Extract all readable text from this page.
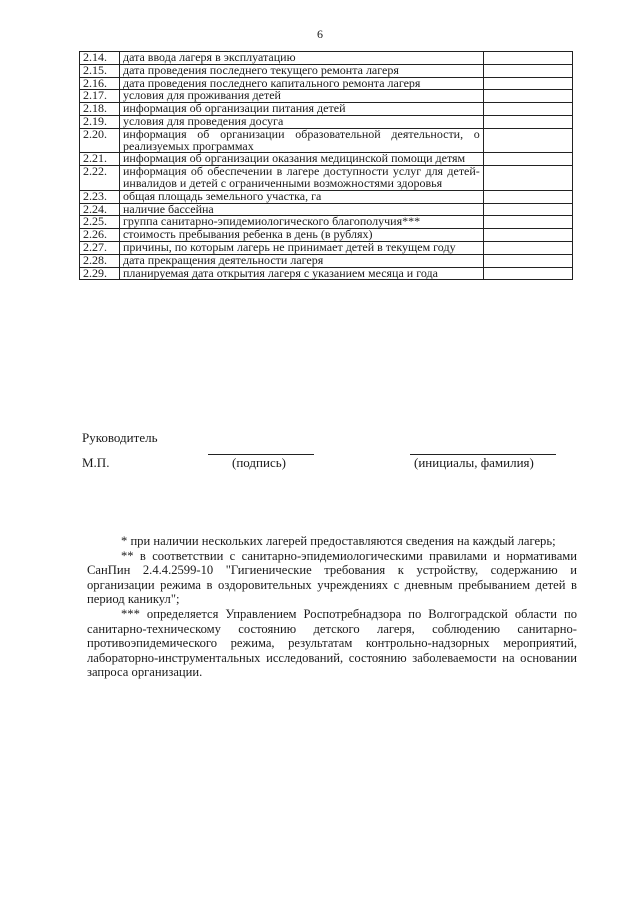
6
2.14.	дата ввода лагеря в эксплуатацию	
2.15.	дата проведения последнего текущего ремонта лагеря	
2.16.	дата проведения последнего капитального ремонта лагеря	
2.17.	условия для проживания детей	
2.18.	информация об организации питания детей	
2.19.	условия для проведения досуга	
2.20.	информация об организации образовательной деятельности, о реализуемых программах	
2.21.	информация об организации оказания медицинской помощи детям	
2.22.	информация об обеспечении в лагере доступности услуг для детей-инвалидов и детей с ограниченными возможностями здоровья	
2.23.	общая площадь земельного участка, га	
2.24.	наличие бассейна	
2.25.	группа санитарно-эпидемиологического благополучия***	
2.26.	стоимость пребывания ребенка в день (в рублях)	
2.27.	причины, по которым лагерь не принимает детей в текущем году	
2.28.	дата прекращения деятельности лагеря	
2.29.	планируемая дата открытия лагеря с указанием месяца и года	
Руководитель
М.П.	(подпись)	(инициалы, фамилия)

* при наличии нескольких лагерей предоставляются сведения на каждый лагерь;

** в соответствии с санитарно-эпидемиологическими правилами и нормативами СанПин 2.4.4.2599-10 "Гигиенические требования к устройству, содержанию и организации режима в оздоровительных учреждениях с дневным пребыванием детей в период каникул";

*** определяется Управлением Роспотребнадзора по Волгоградской области по санитарно-техническому состоянию детского лагеря, соблюдению санитарно-противоэпидемического режима, результатам контрольно-надзорных мероприятий, лабораторно-инструментальных исследований, состоянию заболеваемости на основании запроса организации.
